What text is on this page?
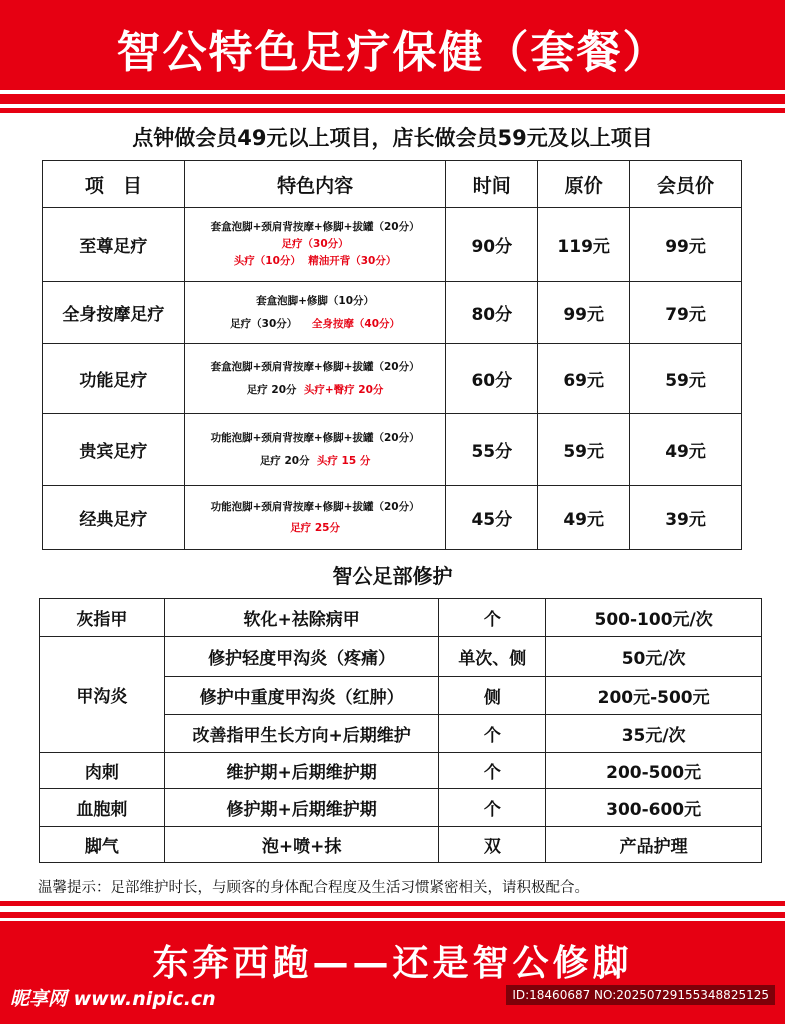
智公特色足疗保健（套餐）
点钟做会员49元以上项目，店长做会员59元及以上项目
项　目	特色内容	时间	原价	会员价
至尊足疗	套盒泡脚+颈肩背按摩+修脚+拔罐（20分）
足疗（30分）
头疗（10分） 精油开背（30分）	90分	119元	99元
全身按摩足疗	套盒泡脚+修脚（10分）
足疗（30分） 全身按摩（40分）	80分	99元	79元
功能足疗	套盒泡脚+颈肩背按摩+修脚+拔罐（20分）
足疗 20分 头疗+臀疗 20分	60分	69元	59元
贵宾足疗	功能泡脚+颈肩背按摩+修脚+拔罐（20分）
足疗 20分 头疗 15 分	55分	59元	49元
经典足疗	功能泡脚+颈肩背按摩+修脚+拔罐（20分）
足疗 25分	45分	49元	39元
智公足部修护
灰指甲	软化+祛除病甲	个	500-100元/次
甲沟炎	修护轻度甲沟炎（疼痛）	单次、侧	50元/次
	修护中重度甲沟炎（红肿）	侧	200元-500元
	改善指甲生长方向+后期维护	个	35元/次
肉刺	维护期+后期维护期	个	200-500元
血胞刺	修护期+后期维护期	个	300-600元
脚气	泡+喷+抹	双	产品护理
温馨提示：足部维护时长，与顾客的身体配合程度及生活习惯紧密相关，请积极配合。
东奔西跑——还是智公修脚
昵享网 www.nipic.cn	ID:18460687 NO:20250729155348825125
